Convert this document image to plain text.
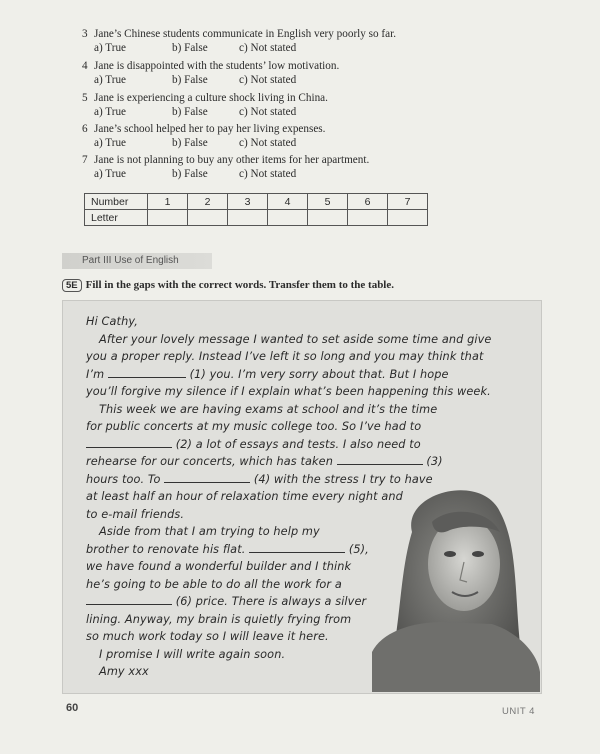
3 Jane’s Chinese students communicate in English very poorly so far.
a) True	b) False	c) Not stated
4 Jane is disappointed with the students’ low motivation.
a) True	b) False	c) Not stated
5 Jane is experiencing a culture shock living in China.
a) True	b) False	c) Not stated
6 Jane’s school helped her to pay her living expenses.
a) True	b) False	c) Not stated
7 Jane is not planning to buy any other items for her apartment.
a) True	b) False	c) Not stated
Number	1	2	3	4	5	6	7
Letter							
Part III Use of English
5E Fill in the gaps with the correct words. Transfer them to the table.
Hi Cathy,
After your lovely message I wanted to set aside some time and give
you a proper reply. Instead I’ve left it so long and you may think that
I’m	(1) you. I’m very sorry about that. But I hope
you’ll forgive my silence if I explain what’s been happening this week.
This week we are having exams at school and it’s the time
for public concerts at my music college too. So I’ve had to
(2) a lot of essays and tests. I also need to
rehearse for our concerts, which has taken	(3)
hours too. To	(4) with the stress I try to have
at least half an hour of relaxation time every night and
to e-mail friends.
Aside from that I am trying to help my
brother to renovate his flat.	(5),
we have found a wonderful builder and I think
he’s going to be able to do all the work for a
(6) price. There is always a silver
lining. Anyway, my brain is quietly frying from
so much work today so I will leave it here.
I promise I will write again soon.
Amy xxx
60	UNIT 4
